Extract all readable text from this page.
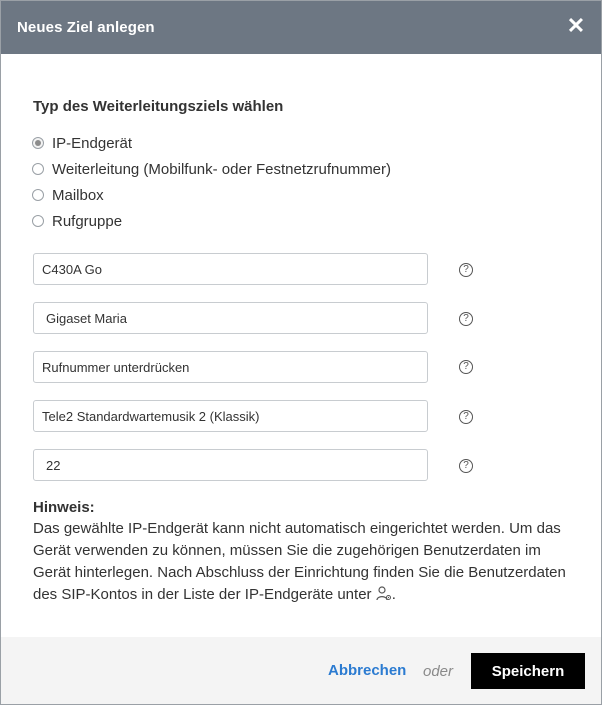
Neues Ziel anlegen	✕
Typ des Weiterleitungsziels wählen
IP-Endgerät
Weiterleitung (Mobilfunk- oder Festnetzrufnummer)
Mailbox
Rufgruppe
C430A Go	?
Gigaset Maria	?
Rufnummer unterdrücken	?
Tele2 Standardwartemusik 2 (Klassik)	?
22	?
Hinweis:
Das gewählte IP-Endgerät kann nicht automatisch eingerichtet werden. Um das Gerät verwenden zu können, müssen Sie die zugehörigen Benutzerdaten im Gerät hinterlegen. Nach Abschluss der Einrichtung finden Sie die Benutzerdaten des SIP-Kontos in der Liste der IP-Endgeräte unter .
Abbrechen oder	Speichern
